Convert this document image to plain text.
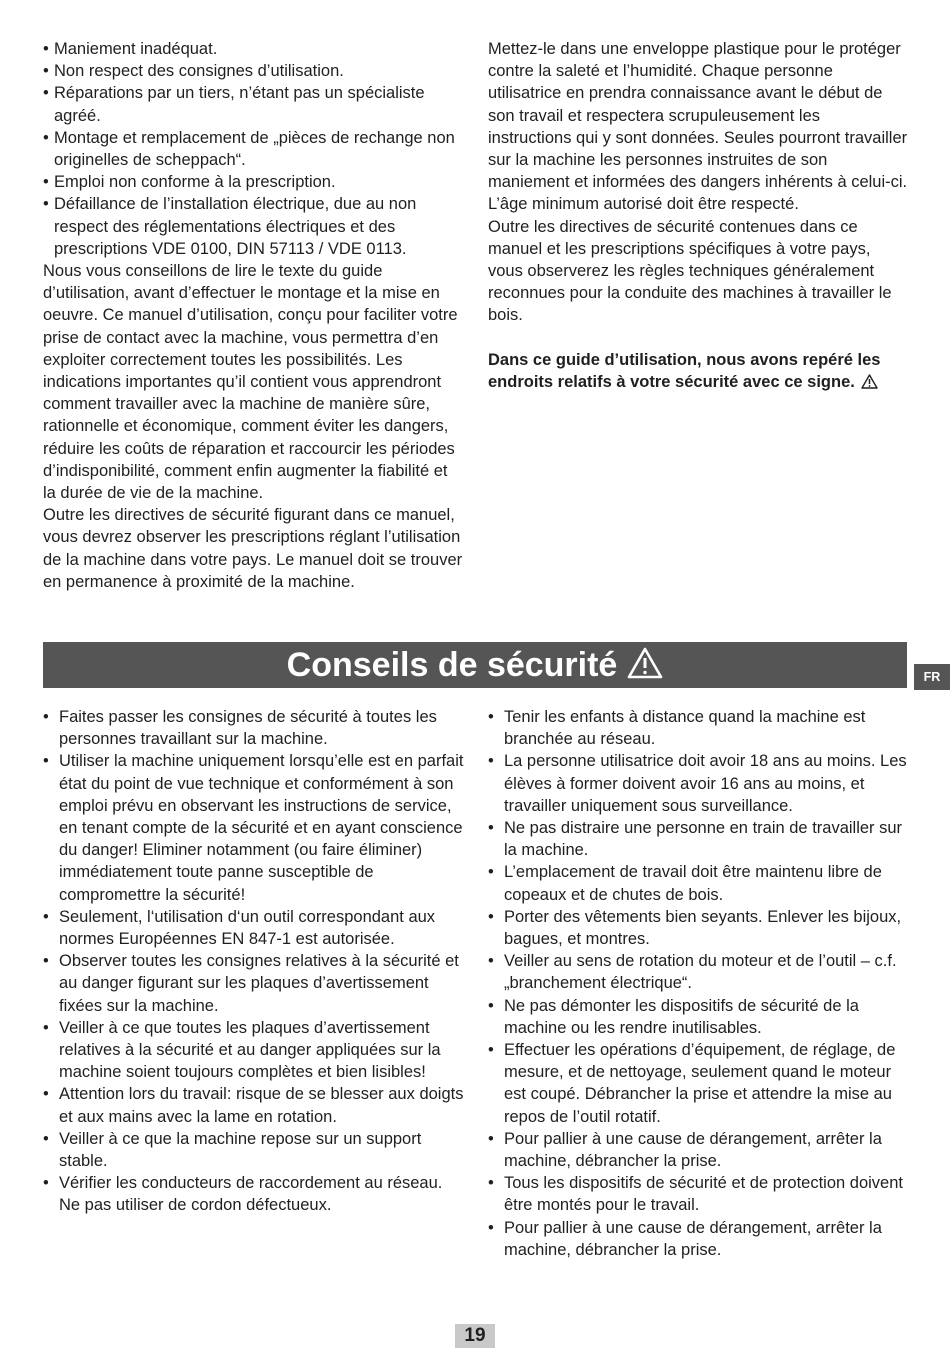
• Maniement inadéquat.
• Non respect des consignes d’utilisation.
• Réparations par un tiers, n’étant pas un spécialiste agréé.
• Montage et remplacement de „pièces de rechange non originelles de scheppach“.
• Emploi non conforme à la prescription.
• Défaillance de l’installation électrique, due au non respect des réglementations électriques et des prescriptions VDE 0100, DIN 57113 / VDE 0113.

Nous vous conseillons de lire le texte du guide d’utilisation, avant d’effectuer le montage et la mise en oeuvre. Ce manuel d’utilisation, conçu pour faciliter votre prise de contact avec la machine, vous permettra d’en exploiter correctement toutes les possibilités. Les indications importantes qu’il contient vous apprendront comment travailler avec la machine de manière sûre, rationnelle et économique, comment éviter les dangers, réduire les coûts de réparation et raccourcir les périodes d’indisponibilité, comment enfin augmenter la fiabilité et la durée de vie de la machine.

Outre les directives de sécurité figurant dans ce manuel, vous devrez observer les prescriptions réglant l’utilisation de la machine dans votre pays. Le manuel doit se trouver en permanence à proximité de la machine.

Mettez-le dans une enveloppe plastique pour le protéger contre la saleté et l’humidité. Chaque personne utilisatrice en prendra connaissance avant le début de son travail et respectera scrupuleusement les instructions qui y sont données. Seules pourront travailler sur la machine les personnes instruites de son maniement et informées des dangers inhérents à celui-ci. L’âge minimum autorisé doit être respecté.

Outre les directives de sécurité contenues dans ce manuel et les prescriptions spécifiques à votre pays, vous observerez les règles techniques généralement reconnues pour la conduite des machines à travailler le bois.

Dans ce guide d’utilisation, nous avons repéré les endroits relatifs à votre sécurité avec ce signe.

Conseils de sécurité	FR
• Faites passer les consignes de sécurité à toutes les personnes travaillant sur la machine.
• Utiliser la machine uniquement lorsqu’elle est en parfait état du point de vue technique et conformément à son emploi prévu en observant les instructions de service, en tenant compte de la sécurité et en ayant conscience du danger! Eliminer notamment (ou faire éliminer) immédiatement toute panne susceptible de compromettre la sécurité!
• Seulement, l‘utilisation d‘un outil correspondant aux normes Européennes EN 847-1 est autorisée.
• Observer toutes les consignes relatives à la sécurité et au danger figurant sur les plaques d’avertissement fixées sur la machine.
• Veiller à ce que toutes les plaques d’avertissement relatives à la sécurité et au danger appliquées sur la machine soient toujours complètes et bien lisibles!
• Attention lors du travail: risque de se blesser aux doigts et aux mains avec la lame en rotation.
• Veiller à ce que la machine repose sur un support stable.
• Vérifier les conducteurs de raccordement au réseau. Ne pas utiliser de cordon défectueux.
• Tenir les enfants à distance quand la machine est branchée au réseau.
• La personne utilisatrice doit avoir 18 ans au moins. Les élèves à former doivent avoir 16 ans au moins, et travailler uniquement sous surveillance.
• Ne pas distraire une personne en train de travailler sur la machine.
• L’emplacement de travail doit être maintenu libre de copeaux et de chutes de bois.
• Porter des vêtements bien seyants. Enlever les bijoux, bagues, et montres.
• Veiller au sens de rotation du moteur et de l’outil – c.f. „branchement électrique“.
• Ne pas démonter les dispositifs de sécurité de la machine ou les rendre inutilisables.
• Effectuer les opérations d’équipement, de réglage, de mesure, et de nettoyage, seulement quand le moteur est coupé. Débrancher la prise et attendre la mise au repos de l’outil rotatif.
• Pour pallier à une cause de dérangement, arrêter la machine, débrancher la prise.
• Tous les dispositifs de sécurité et de protection doivent être montés pour le travail.
• Pour pallier à une cause de dérangement, arrêter la machine, débrancher la prise.
19
